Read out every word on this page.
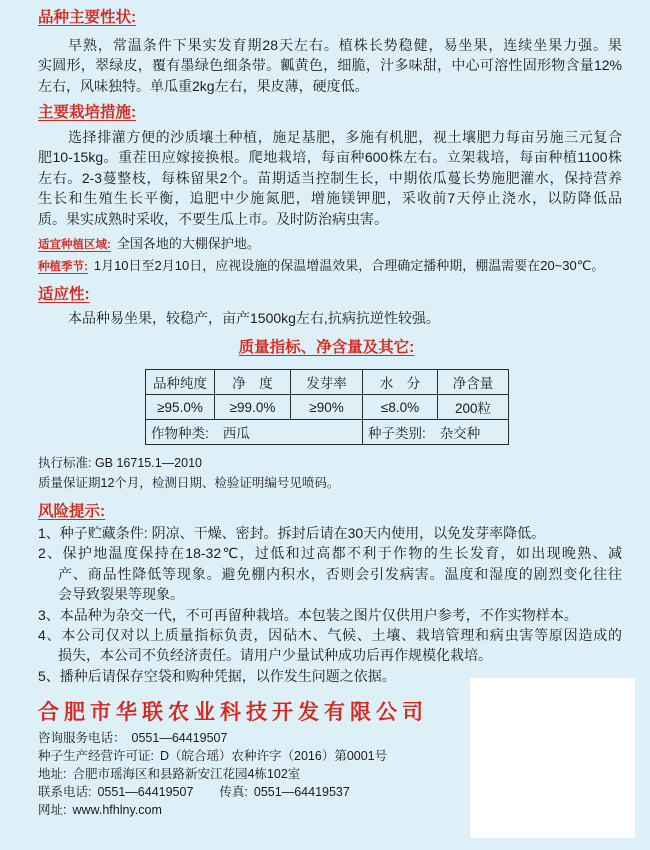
品种主要性状:
早熟，常温条件下果实发育期28天左右。植株长势稳健，易坐果，连续坐果力强。果
实圆形，翠绿皮，覆有墨绿色细条带。瓤黄色，细脆，汁多味甜，中心可溶性固形物含量12%
左右，风味独特。单瓜重2kg左右，果皮薄，硬度低。
主要栽培措施:
选择排灌方便的沙质壤土种植，施足基肥，多施有机肥，视土壤肥力每亩另施三元复合
肥10-15kg。重茬田应嫁接换根。爬地栽培，每亩种600株左右。立架栽培，每亩种植1100株
左右。2-3蔓整枝，每株留果2个。苗期适当控制生长，中期依瓜蔓长势施肥灌水，保持营养
生长和生殖生长平衡，追肥中少施氮肥，增施镁钾肥，采收前7天停止浇水，以防降低品
质。果实成熟时采收，不要生瓜上市。及时防治病虫害。
适宜种植区域: 全国各地的大棚保护地。
种植季节: 1月10日至2月10日，应视设施的保温增温效果，合理确定播种期，棚温需要在20~30℃。
适应性:
本品种易坐果，较稳产，亩产1500kg左右,抗病抗逆性较强。
质量指标、净含量及其它:
品种纯度	净　度	发芽率	水　分	净含量
≥95.0%	≥99.0%	≥90%	≤8.0%	200粒
作物种类: 西瓜			种子类别: 杂交种	
执行标准: GB 16715.1—2010
质量保证期12个月，检测日期、检验证明编号见喷码。
风险提示:
1、种子贮藏条件: 阴凉、干燥、密封。拆封后请在30天内使用，以免发芽率降低。
2、保护地温度保持在18-32℃，过低和过高都不利于作物的生长发育，如出现晚熟、减
产、商品性降低等现象。避免棚内积水，否则会引发病害。温度和湿度的剧烈变化往往
会导致裂果等现象。
3、本品种为杂交一代，不可再留种栽培。本包装之图片仅供用户参考，不作实物样本。
4、本公司仅对以上质量指标负责，因砧木、气候、土壤、栽培管理和病虫害等原因造成的
损失，本公司不负经济责任。请用户少量试种成功后再作规模化栽培。
5、播种后请保存空袋和购种凭据，以作发生问题之依据。
合肥市华联农业科技开发有限公司
咨询服务电话： 0551—64419507
种子生产经营许可证: D（皖合瑶）农种许字（2016）第0001号
地址: 合肥市瑶海区和县路新安江花园4栋102室
联系电话: 0551—64419507 传真: 0551—64419537
网址: www.hfhlny.com
